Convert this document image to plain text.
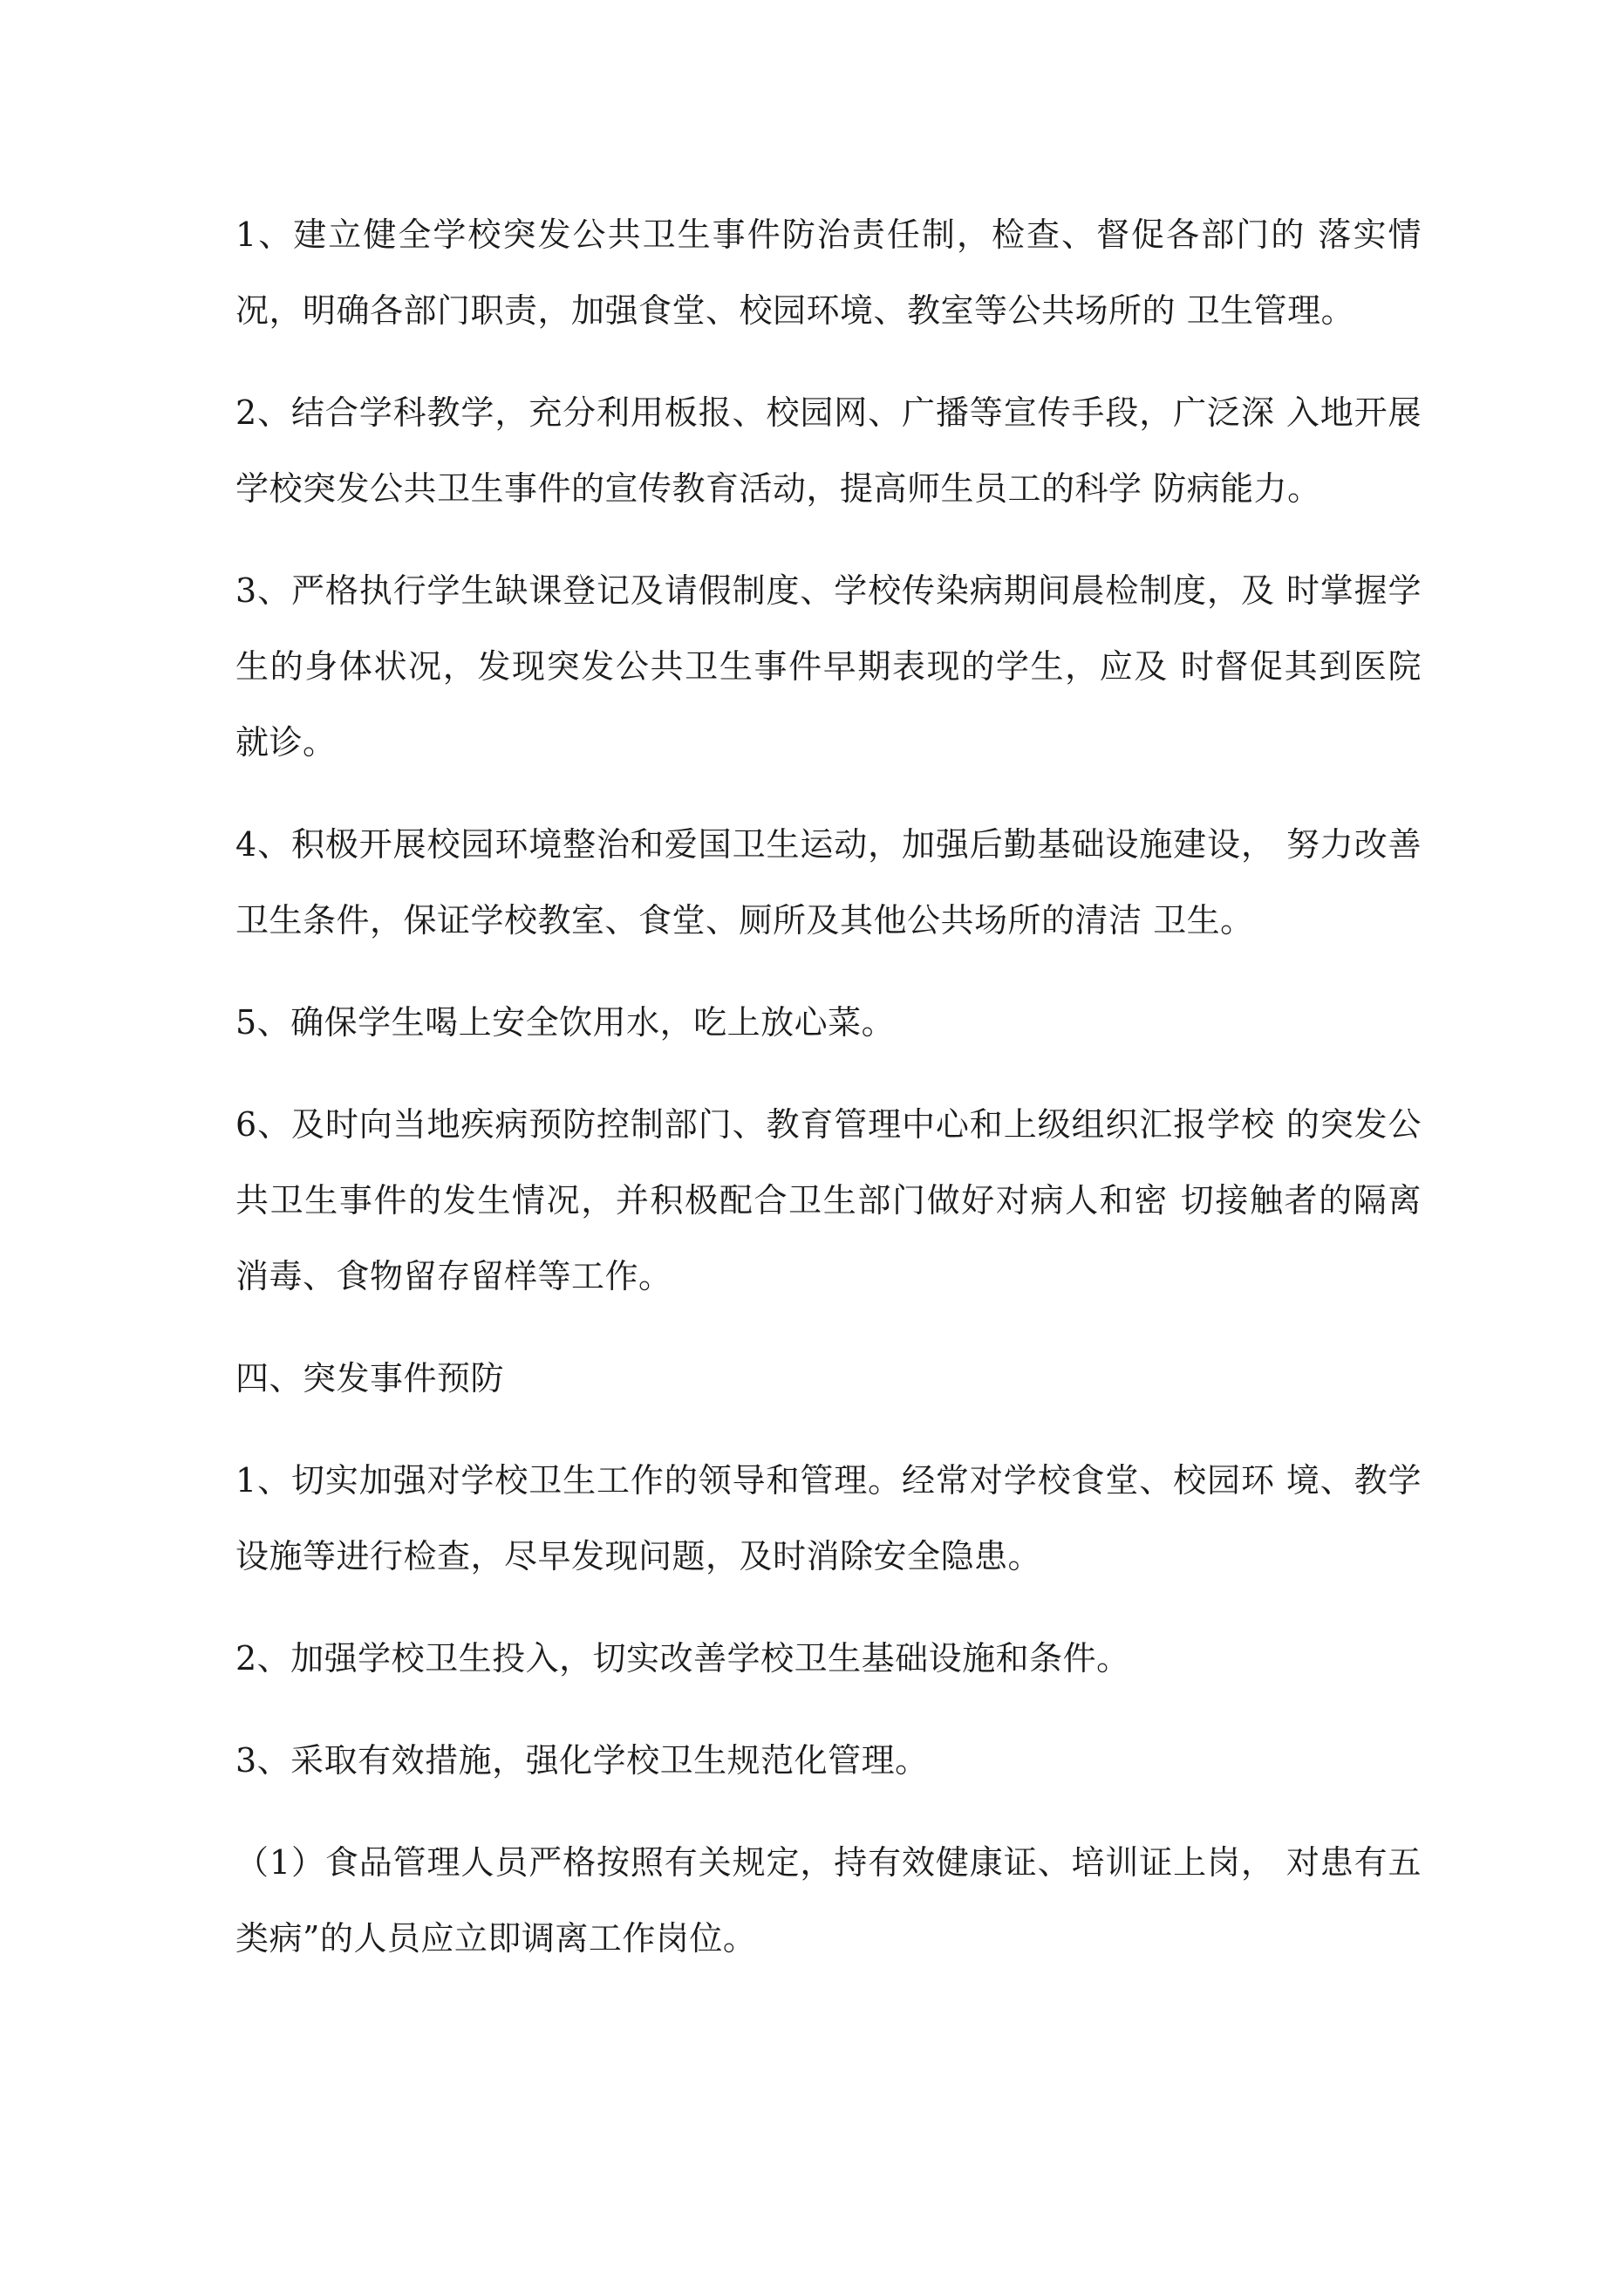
1、建立健全学校突发公共卫生事件防治责任制，检查、督促各部门的 落实情况，明确各部门职责，加强食堂、校园环境、教室等公共场所的 卫生管理。

2、结合学科教学，充分利用板报、校园网、广播等宣传手段，广泛深 入地开展学校突发公共卫生事件的宣传教育活动，提高师生员工的科学 防病能力。

3、严格执行学生缺课登记及请假制度、学校传染病期间晨检制度，及 时掌握学生的身体状况，发现突发公共卫生事件早期表现的学生，应及 时督促其到医院就诊。

4、积极开展校园环境整治和爱国卫生运动，加强后勤基础设施建设， 努力改善卫生条件，保证学校教室、食堂、厕所及其他公共场所的清洁 卫生。

5、确保学生喝上安全饮用水，吃上放心菜。

6、及时向当地疾病预防控制部门、教育管理中心和上级组织汇报学校 的突发公共卫生事件的发生情况，并积极配合卫生部门做好对病人和密 切接触者的隔离消毒、食物留存留样等工作。

四、突发事件预防

1、切实加强对学校卫生工作的领导和管理。经常对学校食堂、校园环 境、教学设施等进行检查，尽早发现问题，及时消除安全隐患。

2、加强学校卫生投入，切实改善学校卫生基础设施和条件。

3、采取有效措施，强化学校卫生规范化管理。

（1）食品管理人员严格按照有关规定，持有效健康证、培训证上岗， 对患有五类病”的人员应立即调离工作岗位。
